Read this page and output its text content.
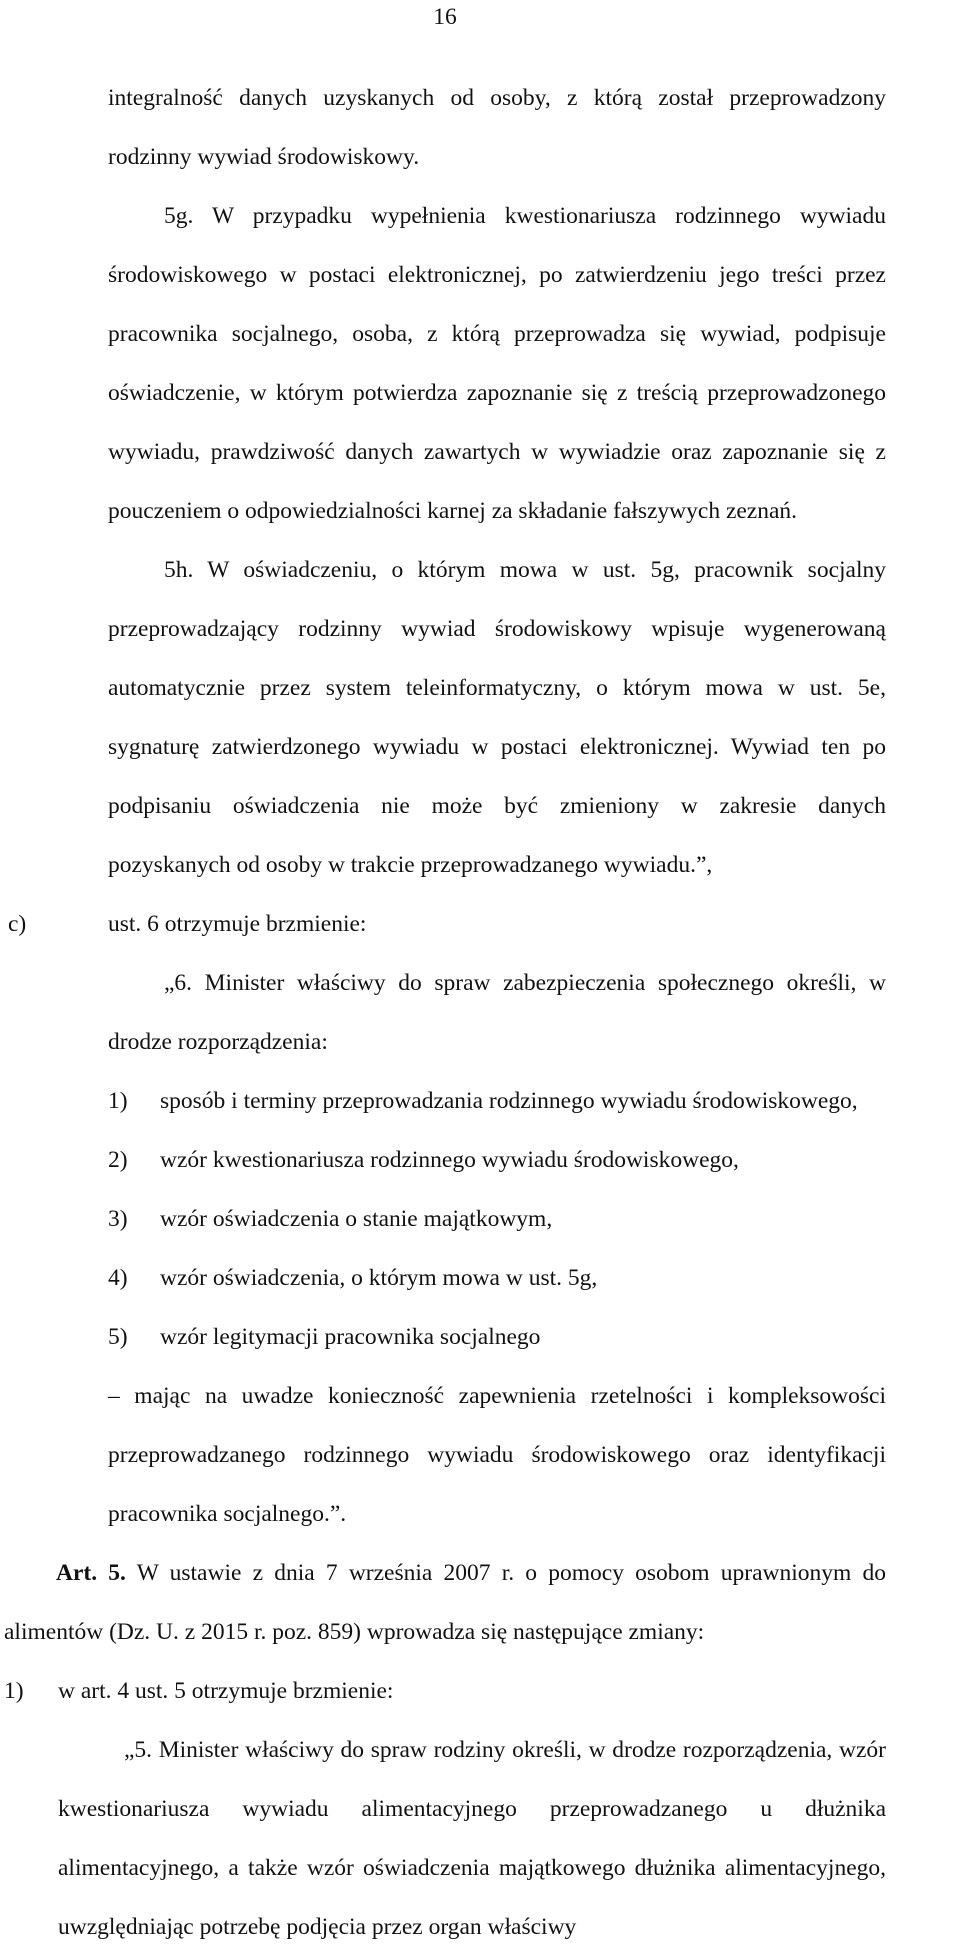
16

integralność danych uzyskanych od osoby, z którą został przeprowadzony rodzinny wywiad środowiskowy.

5g. W przypadku wypełnienia kwestionariusza rodzinnego wywiadu środowiskowego w postaci elektronicznej, po zatwierdzeniu jego treści przez pracownika socjalnego, osoba, z którą przeprowadza się wywiad, podpisuje oświadczenie, w którym potwierdza zapoznanie się z treścią przeprowadzonego wywiadu, prawdziwość danych zawartych w wywiadzie oraz zapoznanie się z pouczeniem o odpowiedzialności karnej za składanie fałszywych zeznań.

5h. W oświadczeniu, o którym mowa w ust. 5g, pracownik socjalny przeprowadzający rodzinny wywiad środowiskowy wpisuje wygenerowaną automatycznie przez system teleinformatyczny, o którym mowa w ust. 5e, sygnaturę zatwierdzonego wywiadu w postaci elektronicznej. Wywiad ten po podpisaniu oświadczenia nie może być zmieniony w zakresie danych pozyskanych od osoby w trakcie przeprowadzanego wywiadu.”,

c)	ust. 6 otrzymuje brzmienie:

„6. Minister właściwy do spraw zabezpieczenia społecznego określi, w drodze rozporządzenia:

1) sposób i terminy przeprowadzania rodzinnego wywiadu środowiskowego,

2) wzór kwestionariusza rodzinnego wywiadu środowiskowego,

3) wzór oświadczenia o stanie majątkowym,

4) wzór oświadczenia, o którym mowa w ust. 5g,

5) wzór legitymacji pracownika socjalnego

– mając na uwadze konieczność zapewnienia rzetelności i kompleksowości przeprowadzanego rodzinnego wywiadu środowiskowego oraz identyfikacji pracownika socjalnego.”.

Art. 5. W ustawie z dnia 7 września 2007 r. o pomocy osobom uprawnionym do alimentów (Dz. U. z 2015 r. poz. 859) wprowadza się następujące zmiany:

1) w art. 4 ust. 5 otrzymuje brzmienie:

„5. Minister właściwy do spraw rodziny określi, w drodze rozporządzenia, wzór kwestionariusza wywiadu alimentacyjnego przeprowadzanego u dłużnika alimentacyjnego, a także wzór oświadczenia majątkowego dłużnika alimentacyjnego, uwzględniając potrzebę podjęcia przez organ właściwy
